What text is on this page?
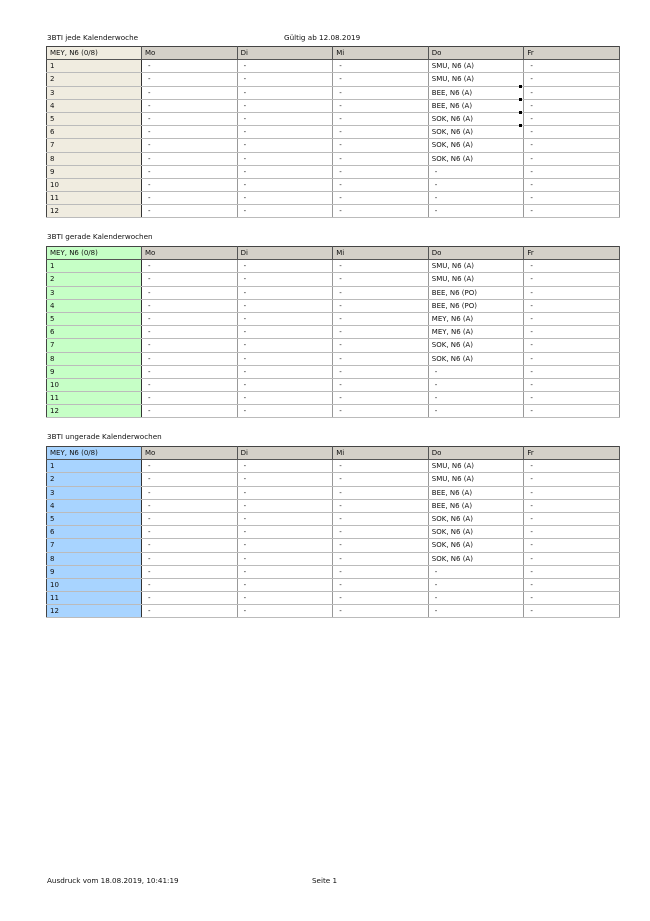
3BTI jede Kalenderwoche	Gültig ab 12.08.2019
MEY, N6 (0/8)	Mo	Di	Mi	Do	Fr
1	-	-	-	SMU, N6 (A)	-
2	-	-	-	SMU, N6 (A)	-
3	-	-	-	BEE, N6 (A)	-
4	-	-	-	BEE, N6 (A)	-
5	-	-	-	SOK, N6 (A)	-
6	-	-	-	SOK, N6 (A)	-
7	-	-	-	SOK, N6 (A)	-
8	-	-	-	SOK, N6 (A)	-
9	-	-	-	-	-
10	-	-	-	-	-
11	-	-	-	-	-
12	-	-	-	-	-
3BTI gerade Kalenderwochen
MEY, N6 (0/8)	Mo	Di	Mi	Do	Fr
1	-	-	-	SMU, N6 (A)	-
2	-	-	-	SMU, N6 (A)	-
3	-	-	-	BEE, N6 (PO)	-
4	-	-	-	BEE, N6 (PO)	-
5	-	-	-	MEY, N6 (A)	-
6	-	-	-	MEY, N6 (A)	-
7	-	-	-	SOK, N6 (A)	-
8	-	-	-	SOK, N6 (A)	-
9	-	-	-	-	-
10	-	-	-	-	-
11	-	-	-	-	-
12	-	-	-	-	-
3BTI ungerade Kalenderwochen
MEY, N6 (0/8)	Mo	Di	Mi	Do	Fr
1	-	-	-	SMU, N6 (A)	-
2	-	-	-	SMU, N6 (A)	-
3	-	-	-	BEE, N6 (A)	-
4	-	-	-	BEE, N6 (A)	-
5	-	-	-	SOK, N6 (A)	-
6	-	-	-	SOK, N6 (A)	-
7	-	-	-	SOK, N6 (A)	-
8	-	-	-	SOK, N6 (A)	-
9	-	-	-	-	-
10	-	-	-	-	-
11	-	-	-	-	-
12	-	-	-	-	-
Ausdruck vom 18.08.2019, 10:41:19	Seite 1
